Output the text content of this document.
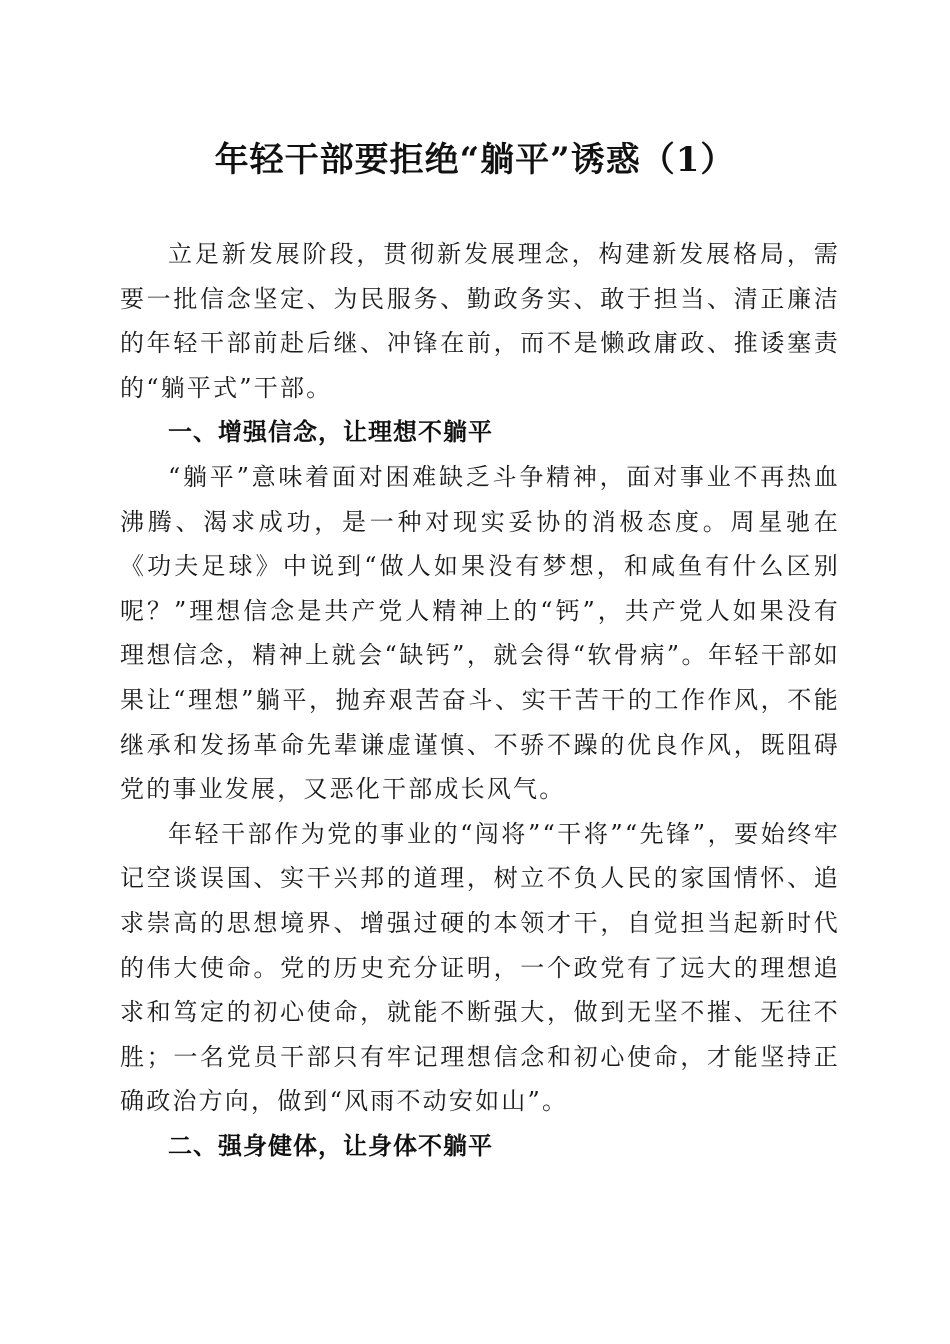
年轻干部要拒绝“躺平”诱惑（1）

立足新发展阶段，贯彻新发展理念，构建新发展格局，需要一批信念坚定、为民服务、勤政务实、敢于担当、清正廉洁的年轻干部前赴后继、冲锋在前，而不是懒政庸政、推诿塞责的“躺平式”干部。

一、增强信念，让理想不躺平

“躺平”意味着面对困难缺乏斗争精神，面对事业不再热血沸腾、渴求成功，是一种对现实妥协的消极态度。周星驰在《功夫足球》中说到“做人如果没有梦想，和咸鱼有什么区别呢？”理想信念是共产党人精神上的“钙”，共产党人如果没有理想信念，精神上就会“缺钙”，就会得“软骨病”。年轻干部如果让“理想”躺平，抛弃艰苦奋斗、实干苦干的工作作风，不能继承和发扬革命先辈谦虚谨慎、不骄不躁的优良作风，既阻碍党的事业发展，又恶化干部成长风气。

年轻干部作为党的事业的“闯将”“干将”“先锋”，要始终牢记空谈误国、实干兴邦的道理，树立不负人民的家国情怀、追求崇高的思想境界、增强过硬的本领才干，自觉担当起新时代的伟大使命。党的历史充分证明，一个政党有了远大的理想追求和笃定的初心使命，就能不断强大，做到无坚不摧、无往不胜；一名党员干部只有牢记理想信念和初心使命，才能坚持正确政治方向，做到“风雨不动安如山”。

二、强身健体，让身体不躺平
